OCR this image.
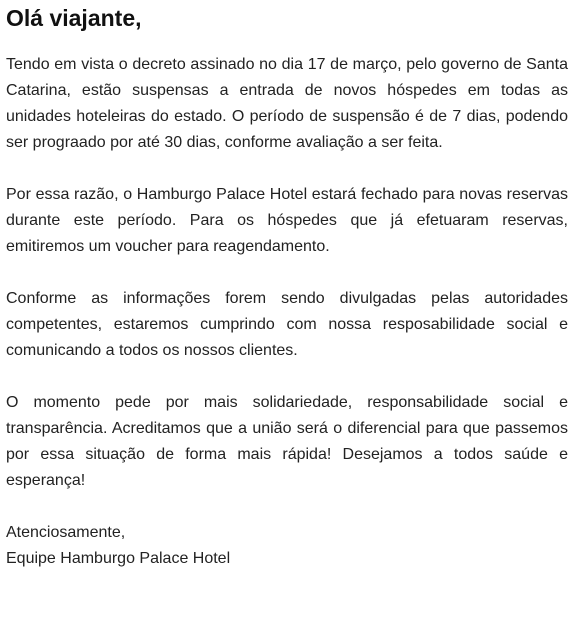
Olá viajante,

Tendo em vista o decreto assinado no dia 17 de março, pelo governo de Santa Catarina, estão suspensas a entrada de novos hóspedes em todas as unidades hoteleiras do estado. O período de suspensão é de 7 dias, podendo ser prograado por até 30 dias, conforme avaliação a ser feita.

Por essa razão, o Hamburgo Palace Hotel estará fechado para novas reservas durante este período. Para os hóspedes que já efetuaram reservas, emitiremos um voucher para reagendamento.

Conforme as informações forem sendo divulgadas pelas autoridades competentes, estaremos cumprindo com nossa resposabilidade social e comunicando a todos os nossos clientes.

O momento pede por mais solidariedade, responsabilidade social e transparência. Acreditamos que a união será o diferencial para que passemos por essa situação de forma mais rápida! Desejamos a todos saúde e esperança!

Atenciosamente,
Equipe Hamburgo Palace Hotel
